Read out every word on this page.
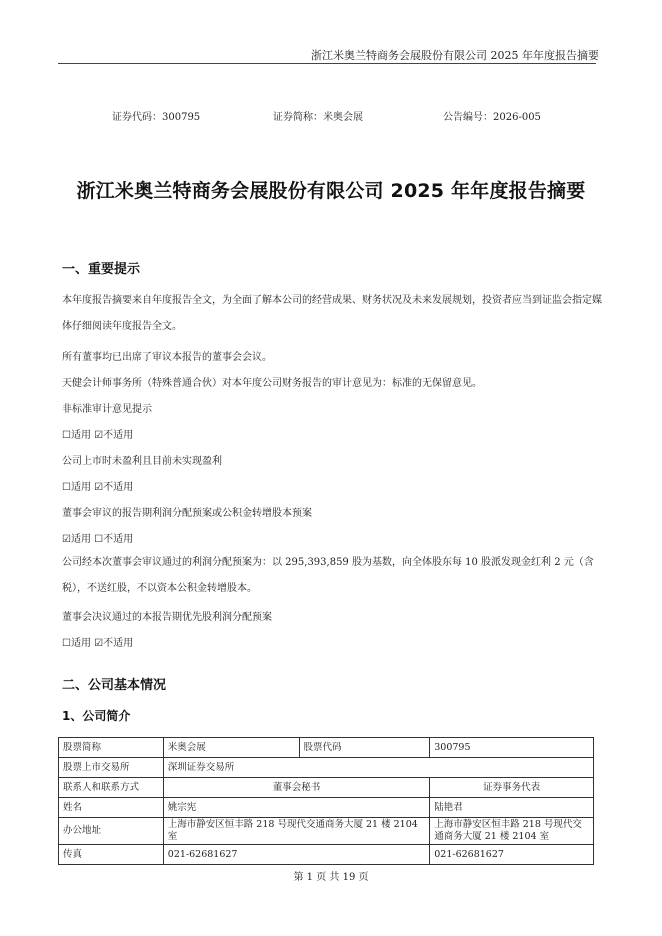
浙江米奥兰特商务会展股份有限公司 2025 年年度报告摘要
证券代码：300795	证券简称：米奥会展	公告编号：2026-005
浙江米奥兰特商务会展股份有限公司 2025 年年度报告摘要
一、重要提示
本年度报告摘要来自年度报告全文，为全面了解本公司的经营成果、财务状况及未来发展规划，投资者应当到证监会指定媒体仔细阅读年度报告全文。
所有董事均已出席了审议本报告的董事会会议。
天健会计师事务所（特殊普通合伙）对本年度公司财务报告的审计意见为：标准的无保留意见。
非标准审计意见提示
☐适用 ☑不适用
公司上市时未盈利且目前未实现盈利
☐适用 ☑不适用
董事会审议的报告期利润分配预案或公积金转增股本预案
☑适用 ☐不适用
公司经本次董事会审议通过的利润分配预案为：以 295,393,859 股为基数，向全体股东每 10 股派发现金红利 2 元（含税），不送红股，不以资本公积金转增股本。
董事会决议通过的本报告期优先股利润分配预案
☐适用 ☑不适用
二、公司基本情况
1、公司简介
股票简称	米奥会展	股票代码	300795
股票上市交易所	深圳证券交易所		
联系人和联系方式	董事会秘书		证券事务代表
姓名	姚宗宪		陆艳君
办公地址	上海市静安区恒丰路 218 号现代交通商务大厦 21 楼 2104 室		上海市静安区恒丰路 218 号现代交通商务大厦 21 楼 2104 室
传真	021-62681627		021-62681627
第 1 页 共 19 页
